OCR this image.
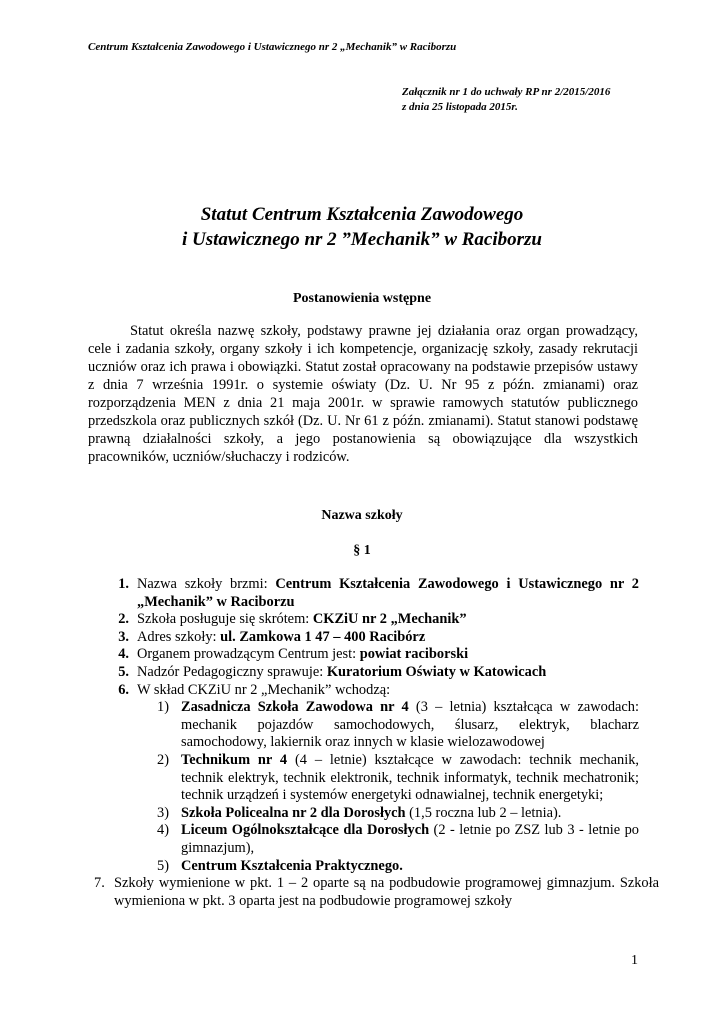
Centrum Kształcenia Zawodowego i Ustawicznego nr 2 „Mechanik” w Raciborzu
Załącznik nr 1 do uchwały RP nr 2/2015/2016
z dnia 25 listopada 2015r.
Statut Centrum Kształcenia Zawodowego
i Ustawicznego nr 2 ”Mechanik” w Raciborzu
Postanowienia wstępne

Statut określa nazwę szkoły, podstawy prawne jej działania oraz organ prowadzący, cele i zadania szkoły, organy szkoły i ich kompetencje, organizację szkoły, zasady rekrutacji uczniów oraz ich prawa i obowiązki. Statut został opracowany na podstawie przepisów ustawy z dnia 7 września 1991r. o systemie oświaty (Dz. U. Nr 95 z późn. zmianami) oraz rozporządzenia MEN z dnia 21 maja 2001r. w sprawie ramowych statutów publicznego przedszkola oraz publicznych szkół (Dz. U. Nr 61 z późn. zmianami). Statut stanowi podstawę prawną działalności szkoły, a jego postanowienia są obowiązujące dla wszystkich pracowników, uczniów/słuchaczy i rodziców.

Nazwa szkoły
§ 1
1. Nazwa szkoły brzmi: Centrum Kształcenia Zawodowego i Ustawicznego nr 2 „Mechanik” w Raciborzu
2. Szkoła posługuje się skrótem: CKZiU nr 2 „Mechanik”
3. Adres szkoły: ul. Zamkowa 1 47 – 400 Racibórz
4. Organem prowadzącym Centrum jest: powiat raciborski
5. Nadzór Pedagogiczny sprawuje: Kuratorium Oświaty w Katowicach
6. W skład CKZiU nr 2 „Mechanik” wchodzą:
1) Zasadnicza Szkoła Zawodowa nr 4 (3 – letnia) kształcąca w zawodach: mechanik pojazdów samochodowych, ślusarz, elektryk, blacharz samochodowy, lakiernik oraz innych w klasie wielozawodowej
2) Technikum nr 4 (4 – letnie) kształcące w zawodach: technik mechanik, technik elektryk, technik elektronik, technik informatyk, technik mechatronik; technik urządzeń i systemów energetyki odnawialnej, technik energetyki;
3) Szkoła Policealna nr 2 dla Dorosłych (1,5 roczna lub 2 – letnia).
4) Liceum Ogólnokształcące dla Dorosłych (2 - letnie po ZSZ lub 3 - letnie po gimnazjum),
5) Centrum Kształcenia Praktycznego.
7. Szkoły wymienione w pkt. 1 – 2 oparte są na podbudowie programowej gimnazjum. Szkoła wymieniona w pkt. 3 oparta jest na podbudowie programowej szkoły
1
